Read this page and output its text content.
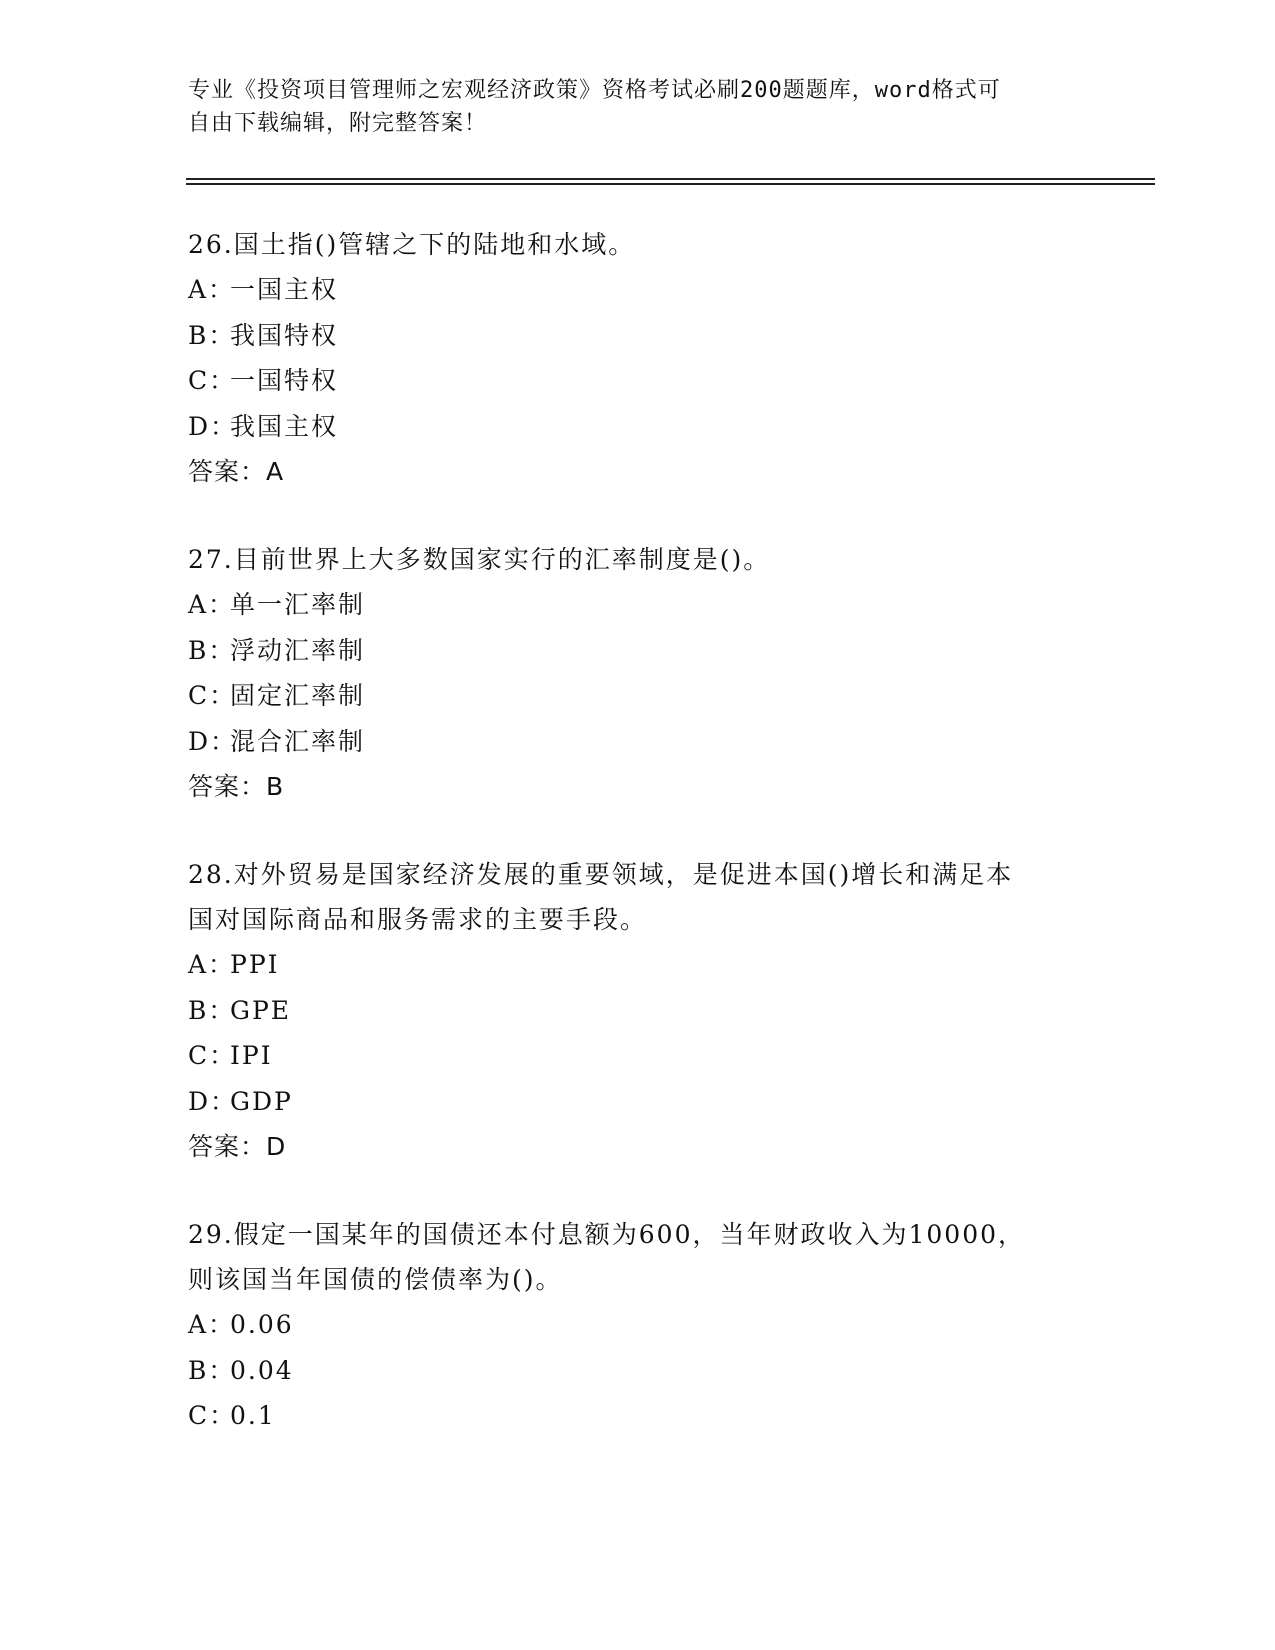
专业《投资项目管理师之宏观经济政策》资格考试必刷200题题库，word格式可
自由下载编辑，附完整答案！
26.国土指()管辖之下的陆地和水域。
A：一国主权
B：我国特权
C：一国特权
D：我国主权
答案：A
27.目前世界上大多数国家实行的汇率制度是()。
A：单一汇率制
B：浮动汇率制
C：固定汇率制
D：混合汇率制
答案：B
28.对外贸易是国家经济发展的重要领域，是促进本国()增长和满足本
国对国际商品和服务需求的主要手段。
A：PPI
B：GPE
C：IPI
D：GDP
答案：D
29.假定一国某年的国债还本付息额为600，当年财政收入为10000，
则该国当年国债的偿债率为()。
A：0.06
B：0.04
C：0.1
